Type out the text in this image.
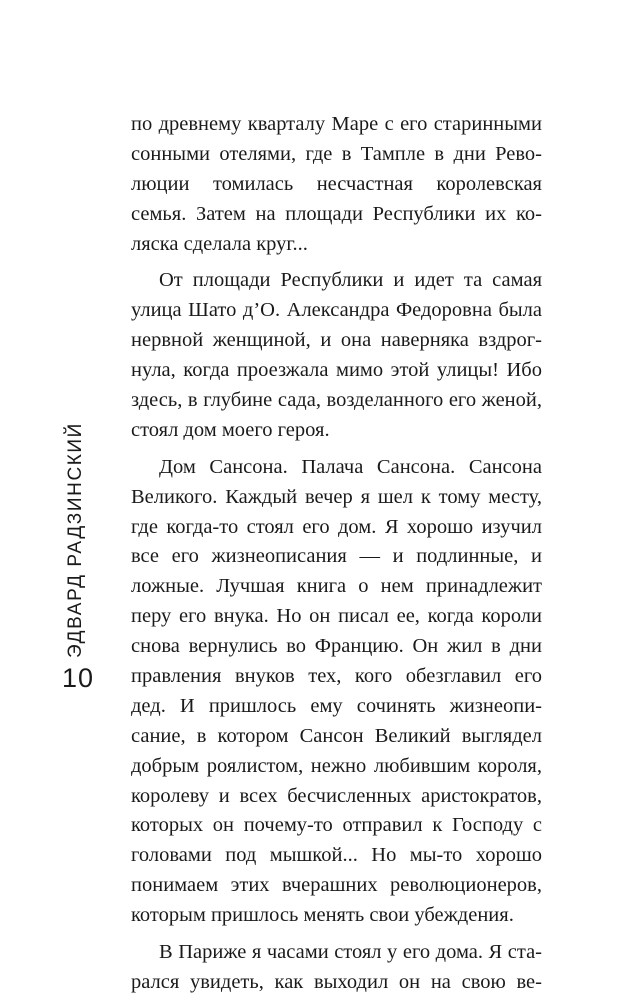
ЭДВАРД РАДЗИНСКИЙ
10

по древнему кварталу Маре с его старинными
сонными отелями, где в Тампле в дни Рево-
люции томилась несчастная королевская
семья. Затем на площади Республики их ко-
ляска сделала круг...

От площади Республики и идет та самая
улица Шато д’О. Александра Федоровна была
нервной женщиной, и она наверняка вздрог-
нула, когда проезжала мимо этой улицы! Ибо
здесь, в глубине сада, возделанного его женой,
стоял дом моего героя.

Дом Сансона. Палача Сансона. Сансона
Великого. Каждый вечер я шел к тому месту,
где когда-то стоял его дом. Я хорошо изучил
все его жизнеописания — и подлинные, и
ложные. Лучшая книга о нем принадлежит
перу его внука. Но он писал ее, когда короли
снова вернулись во Францию. Он жил в дни
правления внуков тех, кого обезглавил его
дед. И пришлось ему сочинять жизнеопи-
сание, в котором Сансон Великий выглядел
добрым роялистом, нежно любившим короля,
королеву и всех бесчисленных аристократов,
которых он почему-то отправил к Господу с
головами под мышкой... Но мы-то хорошо
понимаем этих вчерашних революционеров,
которым пришлось менять свои убеждения.

В Париже я часами стоял у его дома. Я ста-
рался увидеть, как выходил он на свою ве-
